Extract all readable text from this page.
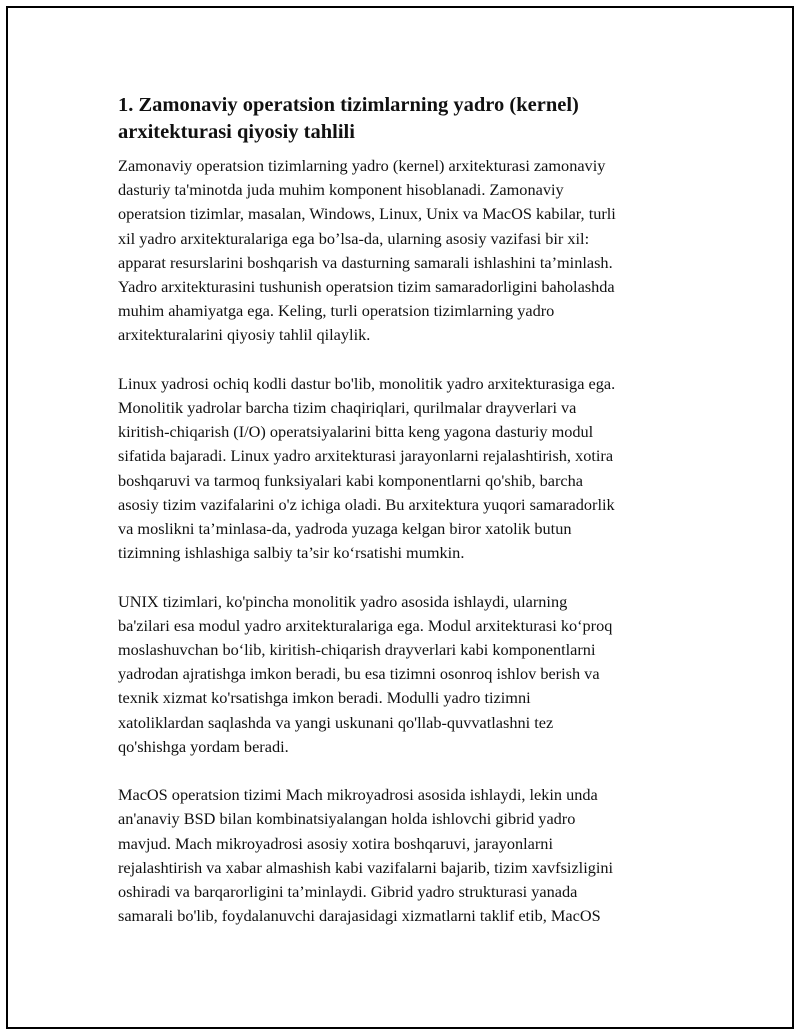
1. Zamonaviy operatsion tizimlarning yadro (kernel)
arxitekturasi qiyosiy tahlili

Zamonaviy operatsion tizimlarning yadro (kernel) arxitekturasi zamonaviy
dasturiy ta'minotda juda muhim komponent hisoblanadi. Zamonaviy
operatsion tizimlar, masalan, Windows, Linux, Unix va MacOS kabilar, turli
xil yadro arxitekturalariga ega bo’lsa-da, ularning asosiy vazifasi bir xil:
apparat resurslarini boshqarish va dasturning samarali ishlashini ta’minlash.
Yadro arxitekturasini tushunish operatsion tizim samaradorligini baholashda
muhim ahamiyatga ega. Keling, turli operatsion tizimlarning yadro
arxitekturalarini qiyosiy tahlil qilaylik.

Linux yadrosi ochiq kodli dastur bo'lib, monolitik yadro arxitekturasiga ega.
Monolitik yadrolar barcha tizim chaqiriqlari, qurilmalar drayverlari va
kiritish-chiqarish (I/O) operatsiyalarini bitta keng yagona dasturiy modul
sifatida bajaradi. Linux yadro arxitekturasi jarayonlarni rejalashtirish, xotira
boshqaruvi va tarmoq funksiyalari kabi komponentlarni qo'shib, barcha
asosiy tizim vazifalarini o'z ichiga oladi. Bu arxitektura yuqori samaradorlik
va moslikni ta’minlasa-da, yadroda yuzaga kelgan biror xatolik butun
tizimning ishlashiga salbiy ta’sir ko‘rsatishi mumkin.

UNIX tizimlari, ko'pincha monolitik yadro asosida ishlaydi, ularning
ba'zilari esa modul yadro arxitekturalariga ega. Modul arxitekturasi ko‘proq
moslashuvchan bo‘lib, kiritish-chiqarish drayverlari kabi komponentlarni
yadrodan ajratishga imkon beradi, bu esa tizimni osonroq ishlov berish va
texnik xizmat ko'rsatishga imkon beradi. Modulli yadro tizimni
xatoliklardan saqlashda va yangi uskunani qo'llab-quvvatlashni tez
qo'shishga yordam beradi.

MacOS operatsion tizimi Mach mikroyadrosi asosida ishlaydi, lekin unda
an'anaviy BSD bilan kombinatsiyalangan holda ishlovchi gibrid yadro
mavjud. Mach mikroyadrosi asosiy xotira boshqaruvi, jarayonlarni
rejalashtirish va xabar almashish kabi vazifalarni bajarib, tizim xavfsizligini
oshiradi va barqarorligini ta’minlaydi. Gibrid yadro strukturasi yanada
samarali bo'lib, foydalanuvchi darajasidagi xizmatlarni taklif etib, MacOS
